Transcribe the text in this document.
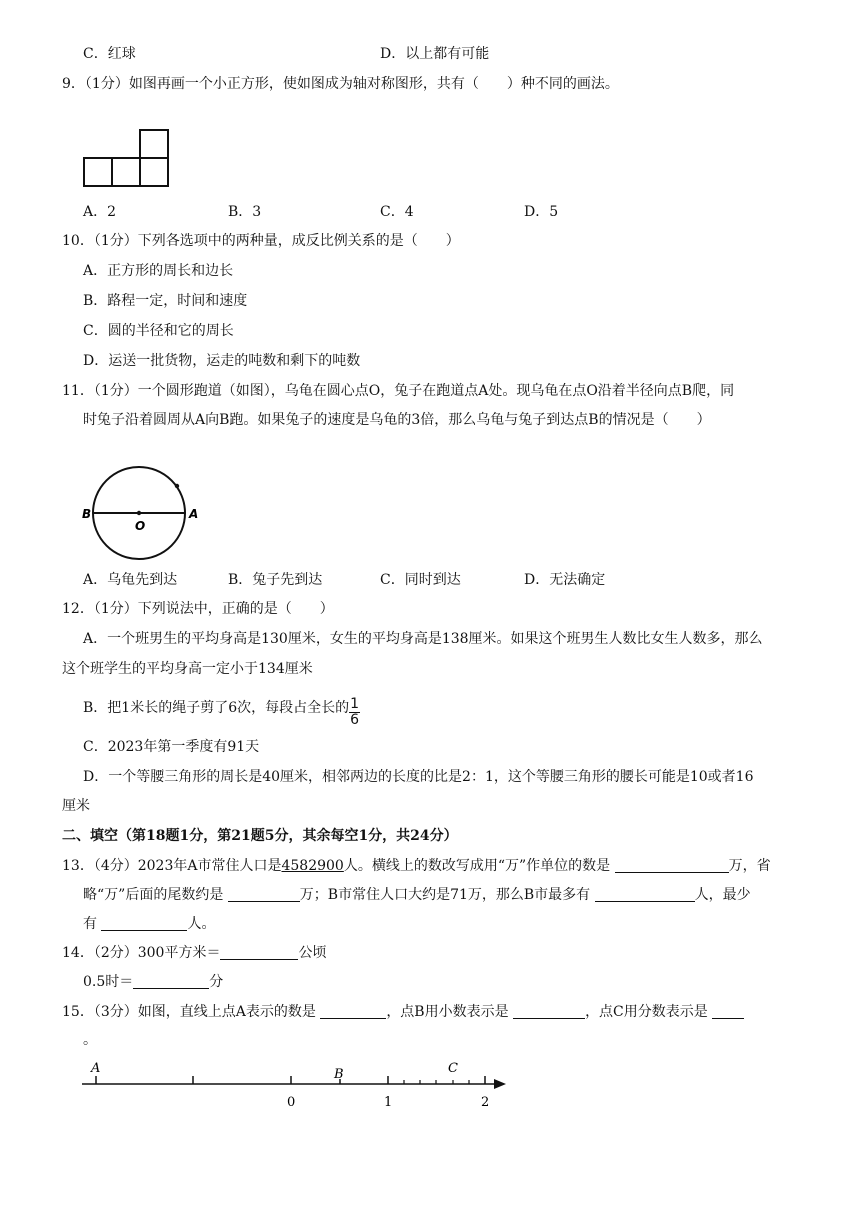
C．红球	D．以上都有可能
9．（1分）如图再画一个小正方形，使如图成为轴对称图形，共有（ ）种不同的画法。
A．2	B．3	C．4	D．5
10．（1分）下列各选项中的两种量，成反比例关系的是（　　）
A．正方形的周长和边长
B．路程一定，时间和速度
C．圆的半径和它的周长
D．运送一批货物，运走的吨数和剩下的吨数
11．（1分）一个圆形跑道（如图），乌龟在圆心点O，兔子在跑道点A处。现乌龟在点O沿着半径向点B爬，同
时兔子沿着圆周从A向B跑。如果兔子的速度是乌龟的3倍，那么乌龟与兔子到达点B的情况是（　　）
B
O
A
A．乌龟先到达	B．兔子先到达	C．同时到达	D．无法确定
12．（1分）下列说法中，正确的是（　　）
A．一个班男生的平均身高是130厘米，女生的平均身高是138厘米。如果这个班男生人数比女生人数多，那么
这个班学生的平均身高一定小于134厘米
B．把1米长的绳子剪了6次，每段占全长的 $\frac{1}{6}$
C．2023年第一季度有91天
D．一个等腰三角形的周长是40厘米，相邻两边的长度的比是2：1，这个等腰三角形的腰长可能是10或者16
厘米
二、填空（第18题1分，第21题5分，其余每空1分，共24分）
13．（4分）2023年A市常住人口是4582900人。横线上的数改写成用“万”作单位的数是	万，省
略“万”后面的尾数约是	万；B市常住人口大约是71万，那么B市最多有	人，最少
有	人。
14．（2分）300平方米＝	公顷
0.5时＝	分
15．（3分）如图，直线上点A表示的数是	，点B用小数表示是	，点C用分数表示是
。
A	B	C
0	1	2
